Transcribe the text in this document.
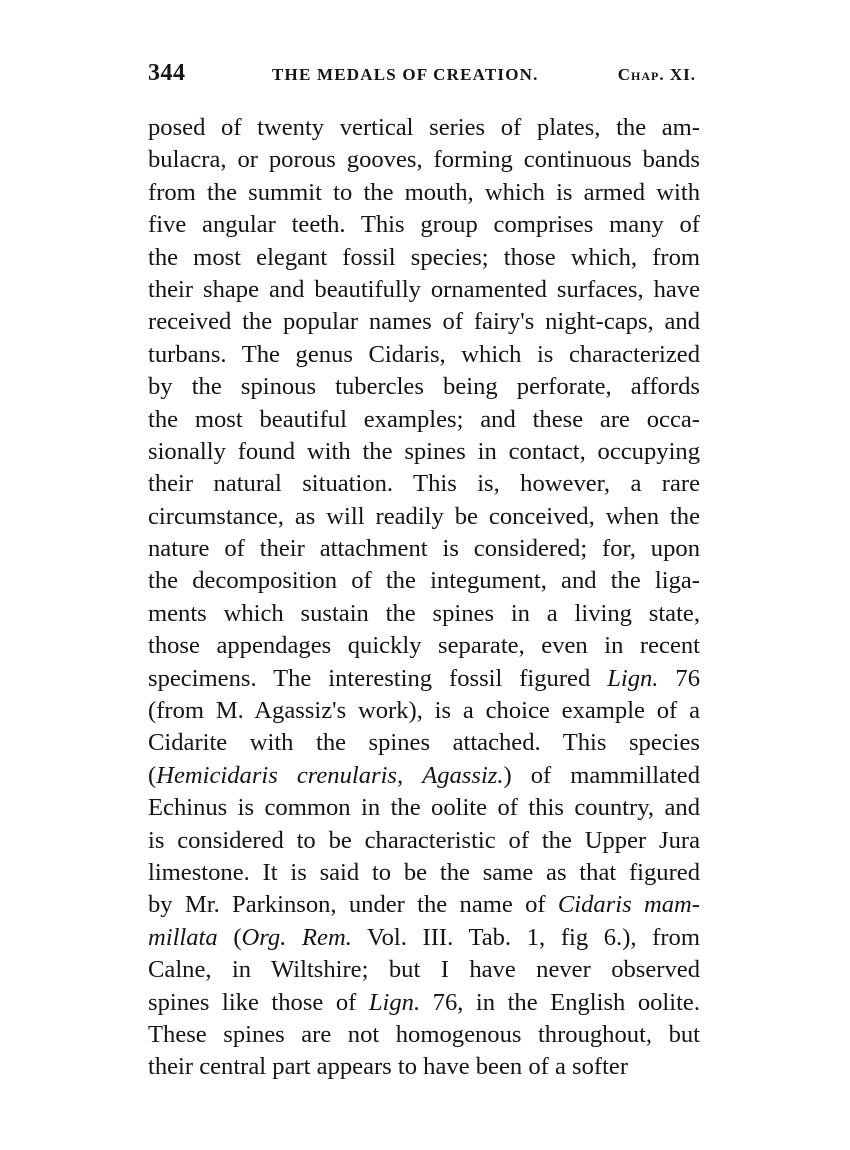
344	THE MEDALS OF CREATION.	Chap. XI.
posed of twenty vertical series of plates, the am-
bulacra, or porous gooves, forming continuous bands
from the summit to the mouth, which is armed with
five angular teeth. This group comprises many of
the most elegant fossil species; those which, from
their shape and beautifully ornamented surfaces, have
received the popular names of fairy's night-caps, and
turbans. The genus Cidaris, which is characterized
by the spinous tubercles being perforate, affords
the most beautiful examples; and these are occa-
sionally found with the spines in contact, occupying
their natural situation. This is, however, a rare
circumstance, as will readily be conceived, when the
nature of their attachment is considered; for, upon
the decomposition of the integument, and the liga-
ments which sustain the spines in a living state,
those appendages quickly separate, even in recent
specimens. The interesting fossil figured Lign. 76
(from M. Agassiz's work), is a choice example of a
Cidarite with the spines attached. This species
(Hemicidaris crenularis, Agassiz.) of mammillated
Echinus is common in the oolite of this country, and
is considered to be characteristic of the Upper Jura
limestone. It is said to be the same as that figured
by Mr. Parkinson, under the name of Cidaris mam-
millata (Org. Rem. Vol. III. Tab. 1, fig 6.), from
Calne, in Wiltshire; but I have never observed
spines like those of Lign. 76, in the English oolite.
These spines are not homogenous throughout, but
their central part appears to have been of a softer
